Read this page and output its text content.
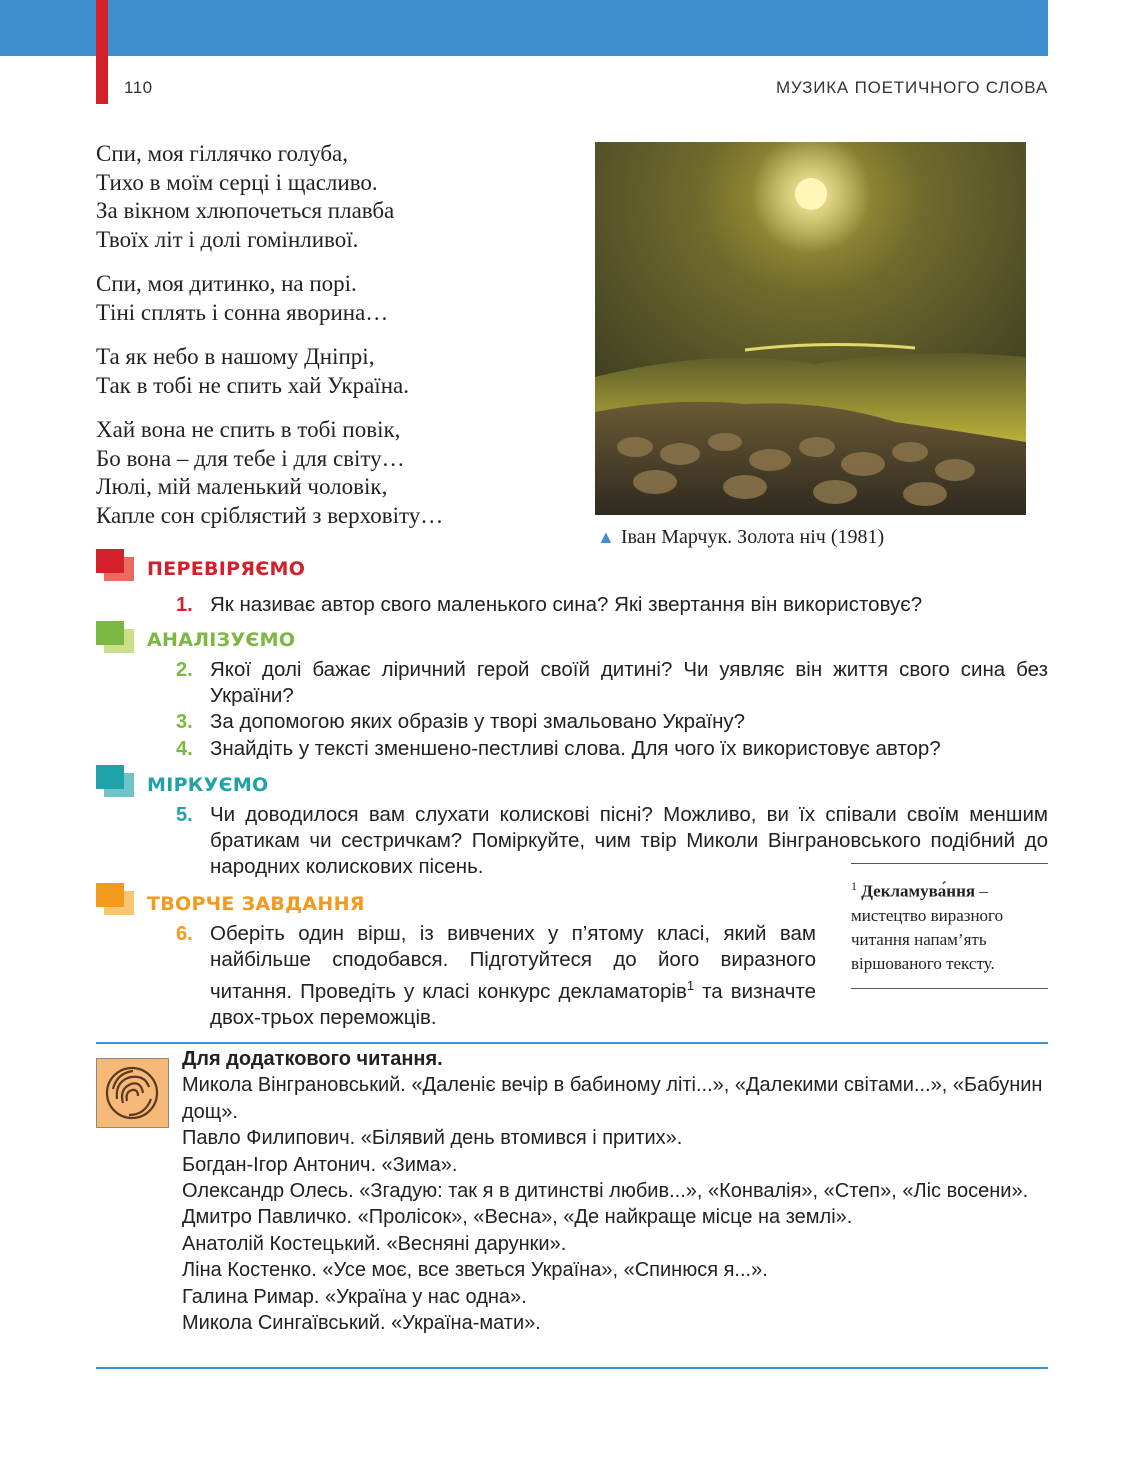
110	МУЗИКА ПОЕТИЧНОГО СЛОВА
Спи, моя гіллячко голуба,
Тихо в моїм серці і щасливо.
За вікном хлюпочеться плавба
Твоїх літ і долі гомінливої.
Спи, моя дитинко, на порі.
Тіні сплять і сонна яворина…
Та як небо в нашому Дніпрі,
Так в тобі не спить хай Україна.
Хай вона не спить в тобі повік,
Бо вона – для тебе і для світу…
Люлі, мій маленький чоловік,
Капле сон сріблястий з верховіту…
▲ Іван Марчук. Золота ніч (1981)
ПЕРЕВІРЯЄМО
1. Як називає автор свого маленького сина? Які звертання він використовує?
АНАЛІЗУЄМО
2. Якої долі бажає ліричний герой своїй дитині? Чи уявляє він життя свого сина без України?
3. За допомогою яких образів у творі змальовано Україну?
4. Знайдіть у тексті зменшено-пестливі слова. Для чого їх використовує автор?
МІРКУЄМО
5. Чи доводилося вам слухати колискові пісні? Можливо, ви їх співали своїм меншим братикам чи сестричкам? Поміркуйте, чим твір Миколи Вінграновського подібний до народних колискових пісень.
ТВОРЧЕ ЗАВДАННЯ
6. Оберіть один вірш, із вивчених у п’ятому класі, який вам найбільше сподобався. Підготуйтеся до його виразного читання. Проведіть у класі конкурс декламаторів$^1$ та визначте двох-трьох переможців.
$^1$ Декламува́ння – мистецтво виразного читання напам’ять віршованого тексту.
Для додаткового читання.
Микола Вінграновський. «Даленіє вечір в бабиному літі...», «Далекими світами...», «Бабунин дощ».
Павло Филипович. «Білявий день втомився і притих».
Богдан-Ігор Антонич. «Зима».
Олександр Олесь. «Згадую: так я в дитинстві любив...», «Конвалія», «Степ», «Ліс восени».
Дмитро Павличко. «Пролісок», «Весна», «Де найкраще місце на землі».
Анатолій Костецький. «Весняні дарунки».
Ліна Костенко. «Усе моє, все зветься Україна», «Спинюся я...».
Галина Римар. «Україна у нас одна».
Микола Сингаївський. «Україна-мати».
